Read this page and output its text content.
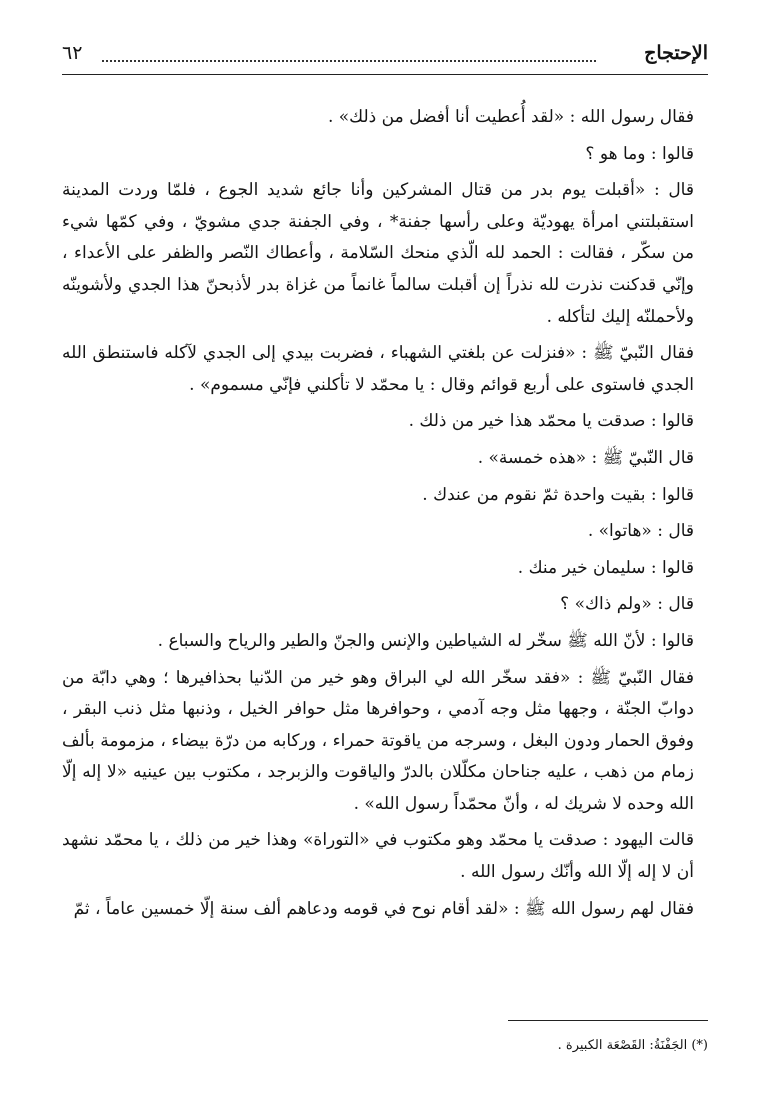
الإحتجاج
٦٢

فقال رسول الله : «لقد أُعطيت أنا أفضل من ذلك» .

قالوا : وما هو ؟

قال : «أقبلت يوم بدر من قتال المشركين وأنا جائع شديد الجوع ، فلمّا وردت المدينة استقبلتني امرأة يهوديّة وعلى رأسها جفنة* ، وفي الجفنة جدي مشويّ ، وفي كمّها شيء من سكّر ، فقالت : الحمد لله الّذي منحك السّلامة ، وأعطاك النّصر والظفر على الأعداء ، وإنّي قدكنت نذرت لله نذراً إن أقبلت سالماً غانماً من غزاة بدر لأذبحنّ هذا الجدي ولأشوينّه ولأحملنّه إليك لتأكله .

فقال النّبيّ ﷺ : «فنزلت عن بلغتي الشهباء ، فضربت بيدي إلى الجدي لآكله فاستنطق الله الجدي فاستوى على أربع قوائم وقال : يا محمّد لا تأكلني فإنّي مسموم» .

قالوا : صدقت يا محمّد هذا خير من ذلك .

قال النّبيّ ﷺ : «هذه خمسة» .

قالوا : بقيت واحدة ثمّ نقوم من عندك .

قال : «هاتوا» .

قالوا : سليمان خير منك .

قال : «ولم ذاك» ؟

قالوا : لأنّ الله ﷺ سخّر له الشياطين والإنس والجنّ والطير والرياح والسباع .

فقال النّبيّ ﷺ : «فقد سخّر الله لي البراق وهو خير من الدّنيا بحذافيرها ؛ وهي دابّة من دوابّ الجنّة ، وجهها مثل وجه آدمي ، وحوافرها مثل حوافر الخيل ، وذنبها مثل ذنب البقر ، وفوق الحمار ودون البغل ، وسرجه من ياقوتة حمراء ، وركابه من درّة بيضاء ، مزمومة بألف زمام من ذهب ، عليه جناحان مكلّلان بالدرّ والياقوت والزبرجد ، مكتوب بين عينيه «لا إله إلّا الله وحده لا شريك له ، وأنّ محمّداً رسول الله» .

قالت اليهود : صدقت يا محمّد وهو مكتوب في «التوراة» وهذا خير من ذلك ، يا محمّد نشهد أن لا إله إلّا الله وأنّك رسول الله .

فقال لهم رسول الله ﷺ : «لقد أقام نوح في قومه ودعاهم ألف سنة إلّا خمسين عاماً ، ثمّ

(*) الجَفْنَةُ: القَصْعَة الكبيرة .
